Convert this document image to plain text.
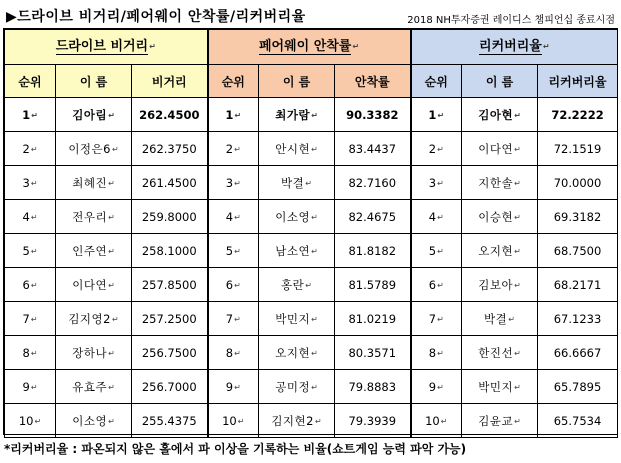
▶드라이브 비거리/페어웨이 안착률/리커버리율	2018 NH투자증권 레이디스 챔피언십 종료시점
드라이브 비거리↵			페어웨이 안착률↵			리커버리율↵		
순위	이 름	비거리	순위	이 름	안착률	순위	이 름	리커버리율
1↵	김아림↵	262.4500	1↵	최가람↵	90.3382	1↵	김아현↵	72.2222
2↵	이정은6↵	262.3750	2↵	안시현↵	83.4437	2↵	이다연↵	72.1519
3↵	최혜진↵	261.4500	3↵	박결↵	82.7160	3↵	지한솔↵	70.0000
4↵	전우리↵	259.8000	4↵	이소영↵	82.4675	4↵	이승현↵	69.3182
5↵	인주연↵	258.1000	5↵	남소연↵	81.8182	5↵	오지현↵	68.7500
6↵	이다연↵	257.8500	6↵	홍란↵	81.5789	6↵	김보아↵	68.2171
7↵	김지영2↵	257.2500	7↵	박민지↵	81.0219	7↵	박결↵	67.1233
8↵	장하나↵	256.7500	8↵	오지현↵	80.3571	8↵	한진선↵	66.6667
9↵	유효주↵	256.7000	9↵	공미정↵	79.8883	9↵	박민지↵	65.7895
10↵	이소영↵	255.4375	10↵	김지현2↵	79.3939	10↵	김윤교↵	65.7534
*리커버리율 : 파온되지 않은 홀에서 파 이상을 기록하는 비율(쇼트게임 능력 파악 가능)
